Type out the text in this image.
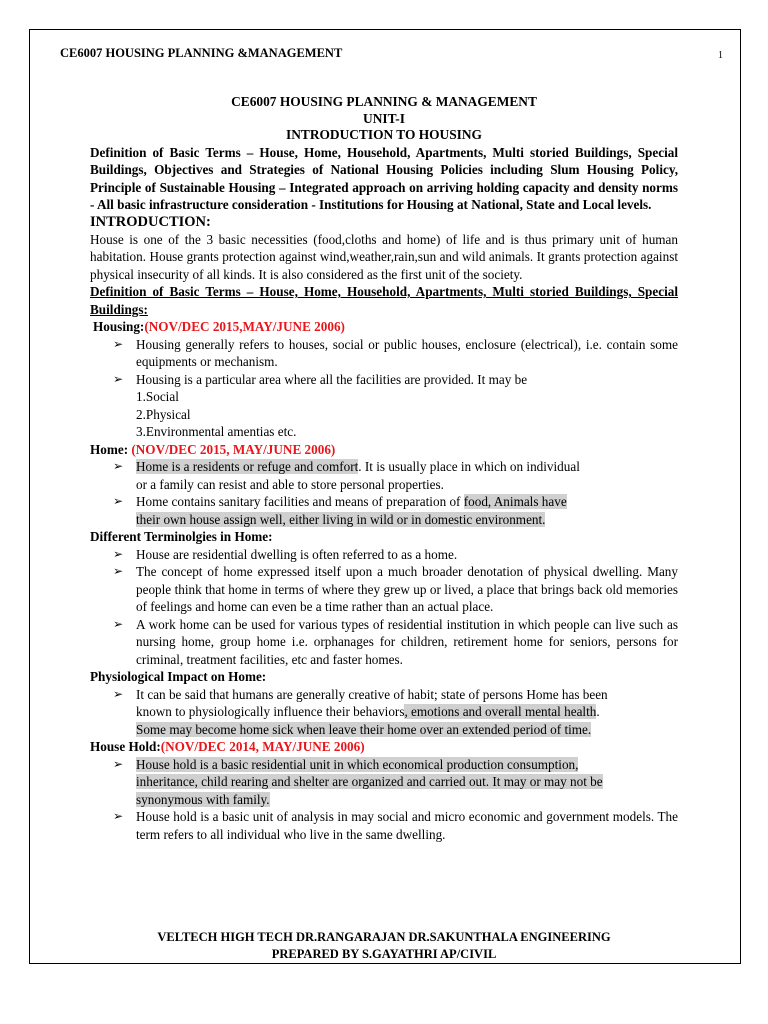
CE6007 HOUSING PLANNING &MANAGEMENT	1
CE6007 HOUSING PLANNING & MANAGEMENT
UNIT-I
INTRODUCTION TO HOUSING
Definition of Basic Terms – House, Home, Household, Apartments, Multi storied Buildings, Special Buildings, Objectives and Strategies of National Housing Policies including Slum Housing Policy, Principle of Sustainable Housing – Integrated approach on arriving holding capacity and density norms - All basic infrastructure consideration - Institutions for Housing at National, State and Local levels.
INTRODUCTION:
House is one of the 3 basic necessities (food,cloths and home) of life and is thus primary unit of human habitation. House grants protection against wind,weather,rain,sun and wild animals. It grants protection against physical insecurity of all kinds. It is also considered as the first unit of the society.
Definition of Basic Terms – House, Home, Household, Apartments, Multi storied Buildings, Special Buildings:
Housing:(NOV/DEC 2015,MAY/JUNE 2006)
➢ Housing generally refers to houses, social or public houses, enclosure (electrical), i.e. contain some equipments or mechanism.
➢ Housing is a particular area where all the facilities are provided. It may be
1.Social
2.Physical
3.Environmental amentias etc.
Home: (NOV/DEC 2015, MAY/JUNE 2006)
➢ Home is a residents or refuge and comfort. It is usually place in which on individual
or a family can resist and able to store personal properties.
➢ Home contains sanitary facilities and means of preparation of food, Animals have
their own house assign well, either living in wild or in domestic environment.
Different Terminolgies in Home:
➢ House are residential dwelling is often referred to as a home.
➢ The concept of home expressed itself upon a much broader denotation of physical dwelling. Many people think that home in terms of where they grew up or lived, a place that brings back old memories of feelings and home can even be a time rather than an actual place.
➢ A work home can be used for various types of residential institution in which people can live such as nursing home, group home i.e. orphanages for children, retirement home for seniors, persons for criminal, treatment facilities, etc and faster homes.
Physiological Impact on Home:
➢ It can be said that humans are generally creative of habit; state of persons Home has been
known to physiologically influence their behaviors, emotions and overall mental health.
Some may become home sick when leave their home over an extended period of time.
House Hold:(NOV/DEC 2014, MAY/JUNE 2006)
➢ House hold is a basic residential unit in which economical production consumption,
inheritance, child rearing and shelter are organized and carried out. It may or may not be
synonymous with family.
➢ House hold is a basic unit of analysis in may social and micro economic and government models. The term refers to all individual who live in the same dwelling.
VELTECH HIGH TECH DR.RANGARAJAN DR.SAKUNTHALA ENGINEERING
PREPARED BY S.GAYATHRI AP/CIVIL
